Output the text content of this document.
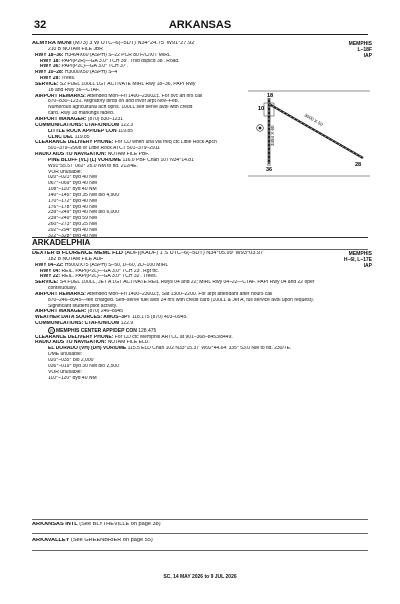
32	ARKANSAS
MEMPHIS
L–18F
IAP
ALMYRA MUNI (M73) 3 W UTC–6(–5DT) N34°24.75′ W91°27.92′
210 B NOTAM FILE JBR
RWY 18–36: H3494X60 (ASPH) S–22 PCR 80 F/C/X/T MIRL
RWY 18: PAPI(P2R)—GA 3.0° TCH 39′. Thld dsplcd 38′. Road.
RWY 36: PAPI(P2L)—GA 3.0° TCH 37′.
RWY 10–28: H3000X50 (ASPH) S–4
RWY 28: Trees.
SERVICE: S2 FUEL 100LL LGT ACTIVATE MIRL Rwy 18–36, PAPI Rwy
18 and Rwy 36—CTAF.
AIRPORT REMARKS: Attended Mon–Fri 1400–2300Z‡. For svc aft hrs call
870–830–1231. Migratory birds on and invof arpt Nov–Feb.
Numerous agricultural acft opns. 100LL self serve avbl with credit
card. Rwy 18 markings faded.
AIRPORT MANAGER: (870) 830–1231
COMMUNICATIONS: CTAF/UNICOM 122.3
LITTLE ROCK APP/DEP CON 119.85
CLNC DEL 119.85
CLEARANCE DELIVERY PHONE: For CD when una via freq ctc Little Rock Apch
501–379–2908 or Little Rock ATCT 501–379–2911
RADIO AIDS TO NAVIGATION: NOTAM FILE PBF.
PINE BLUFF (VL) (L) VOR/DME 116.0 PBF Chan 107 N34°14.81′
W91°55.57′ 062° 25.0 NM to fld. 212/4E.
VOR unusable:
020°–021° byd 40 NM
067°–069° byd 40 NM
108°–110° byd 40 NM
140°–145° byd 35 NM blo 4,900′
170°–172° byd 40 NM
176°–178° byd 40 NM
239°–249° byd 40 NM blo 6,000′
239°–249° byd 59 NM
260°–273° byd 25 NM
292°–294° byd 40 NM
322°–328° byd 40 NM
18
10
36
28
3000 X 50
3494 X 60
ARKADELPHIA
MEMPHIS
H–6I, L–17E
IAP
DEXTER B FLORENCE MEML FLD (ADF)(KADF) 1 S UTC–6(–5DT) N34°05.99′ W93°03.97′
182 B NOTAM FILE ADF
RWY 04–22: H5002X75 (ASPH) S–50, D–60, 2D–100 MIRL
RWY 04: REIL. PAPI(P2L)—GA 3.0° TCH 23′. Rgt tfc.
RWY 22: REIL. PAPI(P2L)—GA 3.0° TCH 32′. Trees.
SERVICE: S4 FUEL 100LL, JET A LGT ACTIVATE REIL Rwys 04 and 22; MIRL Rwy 04–22—CTAF. PAPI Rwy 04 and 22 oper
continuously.
AIRPORT REMARKS: Attended Mon–Fri 1400–2300Z‡, Sat 1300–2200. For arpt attendant after hours call
870–246–8945—fee charged. Self–serve fuel avbl 24 hrs with credit card (100LL & Jet A, full service avbl upon request).
Significant student pilot activity.
AIRPORT MANAGER: (870) 246–8945
WEATHER DATA SOURCES: AWOS–3PT 118.175 (870) 403–0945.
COMMUNICATIONS: CTAF/UNICOM 122.9
R MEMPHIS CENTER APP/DEP CON 128.475
CLEARANCE DELIVERY PHONE: For CD ctc Memphis ARTCC at 901–368–8453/8449.
RADIO AIDS TO NAVIGATION: NOTAM FILE ELD.
EL DORADO (VH) (DH) VOR/DME 115.5 ELD Chan 102 N33°15.37′ W92°44.64′ 335° 53.0 NM to fld. 230/7E.
DME unusable:
020°–035° blo 2,000′
036°–019° byd 30 NM blo 2,500′
VOR unusable:
110°–120° byd 40 NM
ARKANSAS INTL (See BLYTHEVILLE on page 38)
ARKAVALLEY (See GREENBRIER on page 55)
SC, 14 MAY 2026 to 9 JUL 2026
